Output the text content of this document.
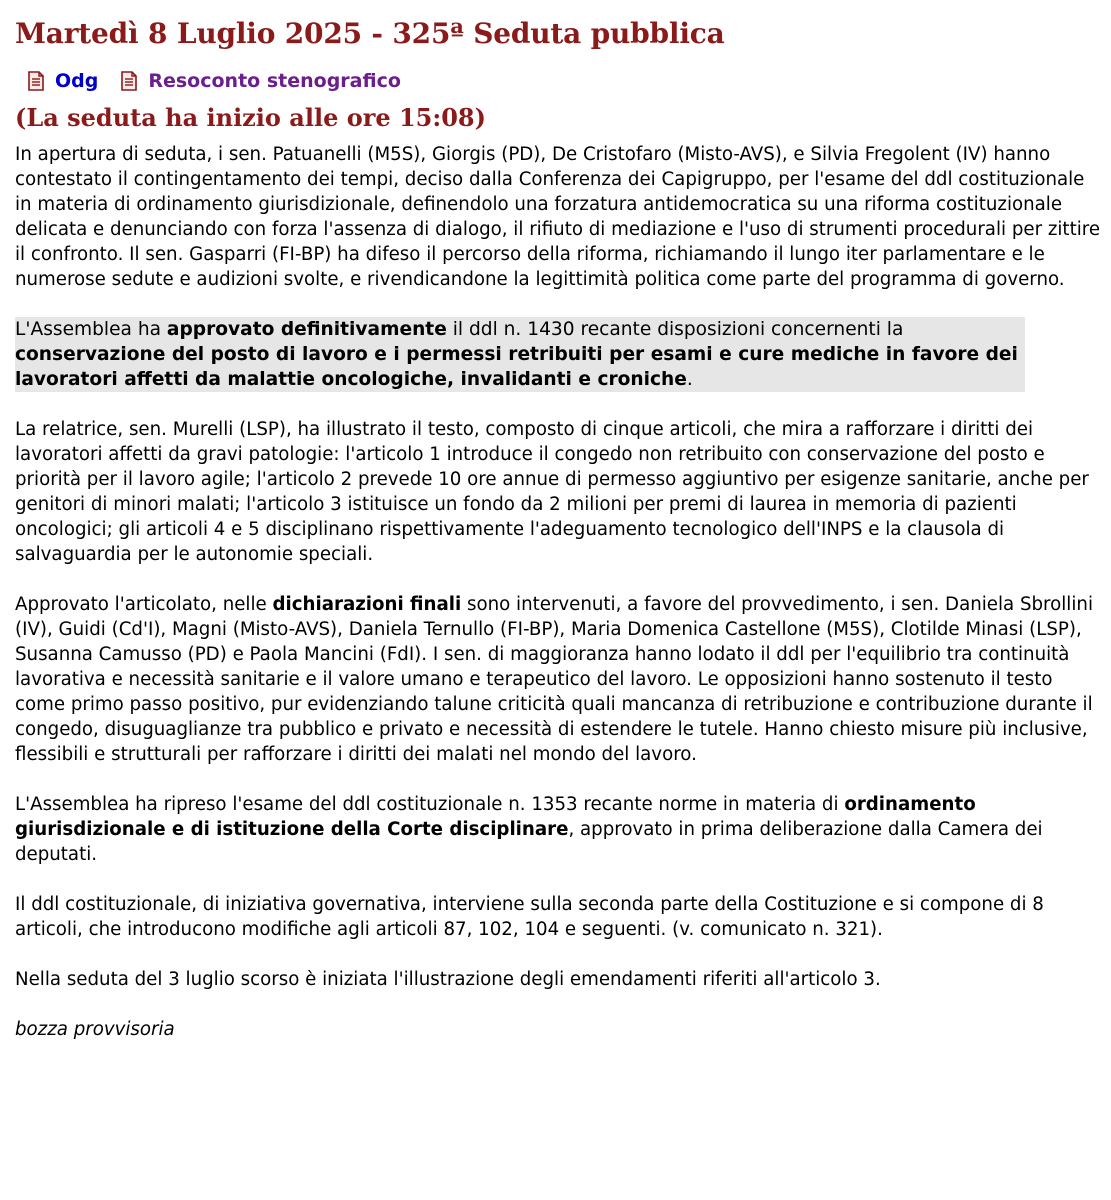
Martedì 8 Luglio 2025 - 325ª Seduta pubblica
Odg	Resoconto stenografico
(La seduta ha inizio alle ore 15:08)

In apertura di seduta, i sen. Patuanelli (M5S), Giorgis (PD), De Cristofaro (Misto-AVS), e Silvia Fregolent (IV) hanno contestato il contingentamento dei tempi, deciso dalla Conferenza dei Capigruppo, per l'esame del ddl costituzionale in materia di ordinamento giurisdizionale, definendolo una forzatura antidemocratica su una riforma costituzionale delicata e denunciando con forza l'assenza di dialogo, il rifiuto di mediazione e l'uso di strumenti procedurali per zittire il confronto. Il sen. Gasparri (FI-BP) ha difeso il percorso della riforma, richiamando il lungo iter parlamentare e le numerose sedute e audizioni svolte, e rivendicandone la legittimità politica come parte del programma di governo.

L'Assemblea ha approvato definitivamente il ddl n. 1430 recante disposizioni concernenti la conservazione del posto di lavoro e i permessi retribuiti per esami e cure mediche in favore dei lavoratori affetti da malattie oncologiche, invalidanti e croniche.

La relatrice, sen. Murelli (LSP), ha illustrato il testo, composto di cinque articoli, che mira a rafforzare i diritti dei lavoratori affetti da gravi patologie: l'articolo 1 introduce il congedo non retribuito con conservazione del posto e priorità per il lavoro agile; l'articolo 2 prevede 10 ore annue di permesso aggiuntivo per esigenze sanitarie, anche per genitori di minori malati; l'articolo 3 istituisce un fondo da 2 milioni per premi di laurea in memoria di pazienti oncologici; gli articoli 4 e 5 disciplinano rispettivamente l'adeguamento tecnologico dell'INPS e la clausola di salvaguardia per le autonomie speciali.

Approvato l'articolato, nelle dichiarazioni finali sono intervenuti, a favore del provvedimento, i sen. Daniela Sbrollini (IV), Guidi (Cd'I), Magni (Misto-AVS), Daniela Ternullo (FI-BP), Maria Domenica Castellone (M5S), Clotilde Minasi (LSP), Susanna Camusso (PD) e Paola Mancini (FdI). I sen. di maggioranza hanno lodato il ddl per l'equilibrio tra continuità lavorativa e necessità sanitarie e il valore umano e terapeutico del lavoro. Le opposizioni hanno sostenuto il testo come primo passo positivo, pur evidenziando talune criticità quali mancanza di retribuzione e contribuzione durante il congedo, disuguaglianze tra pubblico e privato e necessità di estendere le tutele. Hanno chiesto misure più inclusive, flessibili e strutturali per rafforzare i diritti dei malati nel mondo del lavoro.

L'Assemblea ha ripreso l'esame del ddl costituzionale n. 1353 recante norme in materia di ordinamento giurisdizionale e di istituzione della Corte disciplinare, approvato in prima deliberazione dalla Camera dei deputati.

Il ddl costituzionale, di iniziativa governativa, interviene sulla seconda parte della Costituzione e si compone di 8 articoli, che introducono modifiche agli articoli 87, 102, 104 e seguenti. (v. comunicato n. 321).

Nella seduta del 3 luglio scorso è iniziata l'illustrazione degli emendamenti riferiti all'articolo 3.

bozza provvisoria
